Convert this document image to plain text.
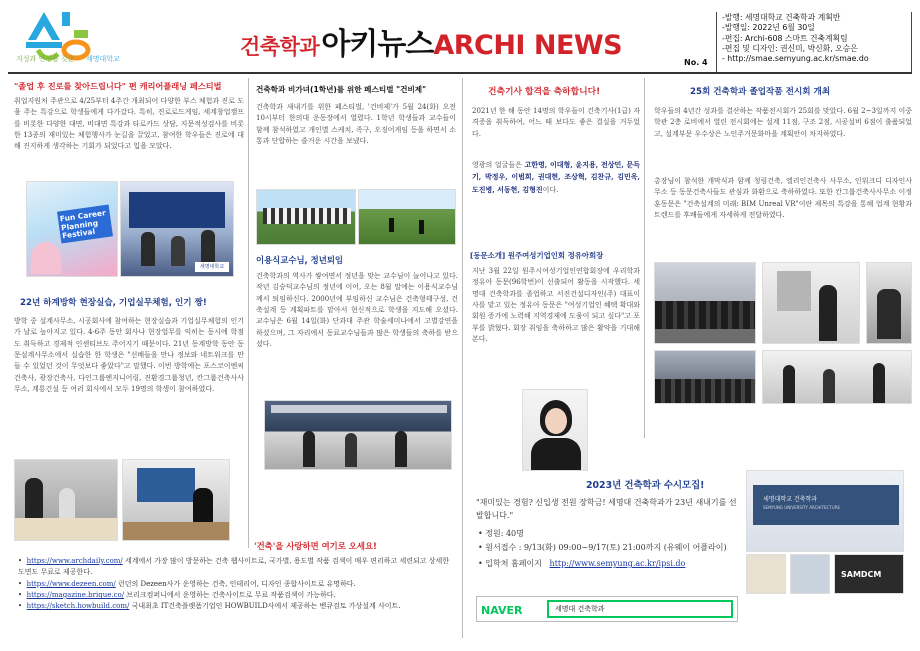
지성과 인성을 갖춘 세명대학교	건축학과 아키뉴스ARCHI NEWS
No. 4
-발행: 세명대학교 건축학과 계획반
-발행일: 2022년 6월 30일
-편집: Archi-608 스마트 건축계획팀
-편집 및 디자인: 권신미, 박신화, 오승은
- http://smae.semyung.ac.kr/smae.do
"졸업 후 진로를 찾아드립니다" 편 캐리어플래닝 페스티벌
취업지원처 주관으로 4/25부터 4주간 개최되어 다양한 부스 체험과 진로 도움 주는 특강으로 학생들에게 다가갔다. 특히, 진로로드게임, 세계창업캠프를 비롯한 다양한 대면, 비대면 특강과 타로카드 상담, 지문적성검사를 비롯한 13종의 재미있는 체험행사가 눈길을 끌었고, 참여한 학우들은 진로에 대해 진지하게 생각하는 기회가 되었다고 입을 모았다.
Fun Career Planning Festival
세명대학교
22년 하계방학 현장실습, 기업실무체험, 인기 짱!
방학 중 설계사무소, 시공회사에 참여하는 현장실습과 기업실무체험의 인기가 날로 높아지고 있다. 4-6주 동안 회사나 현장업무를 익히는 동시에 학점도 취득하고 경제적 인센티브도 주어지기 때문이다. 21년 동계방학 동안 동문설계사무소에서 실습한 한 학생은 "선배들을 만나 정보와 네트워크를 만들 수 있었던 것이 무엇보다 좋았다"고 말했다. 이번 방학에는 포스코이엔씨건축사, 광장건축사, 다인그룹엔지니어링, 진환경그룹청년, 칸그룹건축사사무소, 계룡건설 등 여러 회사에서 모두 19명의 학생이 참여하였다.
건축학과 비가녀(1학년)를 위한 페스티벌 "건비제"
건축학과 새내기를 위한 페스티벌, '건비제'가 5월 24(화) 오전 10시부터 한의대 운동장에서 열렸다. 1학년 학생들과 교수들이 함께 참석하였고 개인별 스케치, 족구, 오징어게임 등을 하면서 소통과 단합하는 즐거운 시간을 보냈다.
이용식교수님, 정년퇴임
건축학과의 역사가 쌓여면서 정년을 맞는 교수님이 늘어나고 있다. 작년 김승덕교수님의 정년에 이어, 오는 8월 말에는 이용식교수님께서 퇴임하신다. 2000년에 부임하신 교수님은 건축형태구성, 건축설계 등 계획파트를 맡아서 현신적으로 학생을 지도해 오셨다. 교수님은 6월 14일(화) 단과대 주관 학술세미나에서 고별강연을 하셨으며, 그 자리에서 동료교수님들과 많은 학생들의 축하를 받으셨다.
건축기사 합격을 축하합니다!
2021년 한 해 동안 14명의 학우들이 건축기사(1급) 자격증을 취득하여, 어느 때 보다도 좋은 결실을 거두었다.
영광의 얼굴들은 고한명, 이대형, 윤지용, 전상민, 문득기, 박정우, 이범희, 권대현, 조상혁, 김찬규, 김민욱, 도진병, 서동현, 김형진이다.
[동문소개] 원주여성기업인회 정유아회장
지난 3월 22일 원주시여성기업인연합회장에 우리학과 정유아 동문(96학번)이 선출되어 활동을 시작했다. 세명대 건축학과를 졸업하고 서진건설디자인(주) 대표이사를 맡고 있는 정유아 동문은 "여성기업인 혜택 확대와 회원 증가에 노력해 지역경제에 도움이 되고 싶다"고 포부를 밝혔다. 회장 취임을 축하하고 많은 활약을 기대해 본다.
25회 건축학과 졸업작품 전시회 개최
학우들의 4년간 성과를 결산하는 작품전시회가 25회를 맞았다. 6월 2~3일까지 이중학관 2층 로비에서 열린 전시회에는 설계 11점, 구조 2점, 시공설비 6점이 출품되었고, 설계부문 우수상은 노인주거문화마을 계획안이 차지하였다.
총장님이 참석한 개막식과 함께 청림건축, 엘리인건축사 사무소, 인워크디 디자인사무소 등 동문건축사들도 관심과 화환으로 축하하였다. 또한 칸그룹건축사사무소 이정훈동문은 "건축설계의 미래: BIM Unreal VR"이란 제목의 특강을 통해 업계 현황과 트렌드를 후배들에게 자세하게 전달하였다.
2023년 건축학과 수시모집!
"재미있는 경험? 신입생 전원 장학금! 세명대 건축학과가 23년 새내기를 선발합니다."
• 정원: 40명
• 원서접수 : 9/13(화) 09:00~9/17(토) 21:00까지 (유웨이 어플라이)
• 입학처 홈페이지 http://www.semyung.ac.kr/ipsi.do
NAVER	세명대 건축학과
세명대학교 건축학과
SEMYUNG UNIVERSITY ARCHITECTURE
SAMDCM
'건축'을 사랑하면 여기로 오세요!
•  https://www.archdaily.com/ 세계에서 가장 많이 방문하는 건축 웹사이트로, 국가별, 용도별 작품 검색이 매우 편리하고 세련되고 상세한 도면도 무료로 제공한다.
•  https://www.dezeen.com/ 런던의 Dezeen사가 운영하는 건축, 인테리어, 디자인 종합사이트로 유명하다.
•  https://magazine.brique.co/ 브리크컴퍼니에서 운영하는 건축사이트로 무료 작품검색이 가능하다.
•  https://sketch.howbuild.com/ 국내최초 IT건축플랫폼기업인 HOWBUILD사에서 제공하는 벤큐검토 가상설계 사이트.
